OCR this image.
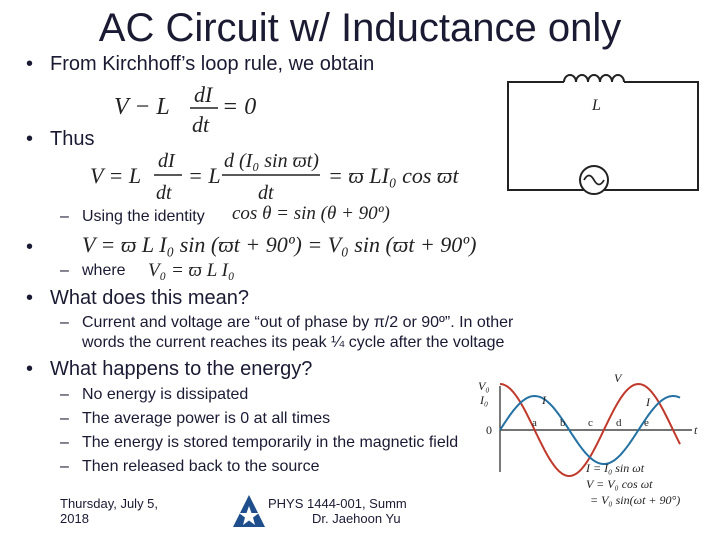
AC Circuit w/ Inductance only
• From Kirchhoff’s loop rule, we obtain
V − L dI
dt
= 0
• Thus
V = L
dI
dt
= L
d (I₀ sin ϖt)
dt
= ϖ LI₀ cos ϖt
– Using the identity cos θ = sin (θ + 90º)
•	V = ϖ L I₀ sin (ϖt + 90º) = V₀ sin (ϖt + 90º)
– where V₀ = ϖ L I₀
• What does this mean?
– Current and voltage are “out of phase by π/2 or 90º”. In other
words the current reaches its peak ¼ cycle after the voltage
• What happens to the energy?
– No energy is dissipated
– The average power is 0 at all times
– The energy is stored temporarily in the magnetic field
– Then released back to the source
L
V₀
I₀
0
V
I	I
t
a b c d e
I = I₀ sin ωt
V = V₀ cos ωt
= V₀ sin(ωt + 90°)
Thursday, July 5,
2018
PHYS 1444-001, Summ
Dr. Jaehoon Yu
